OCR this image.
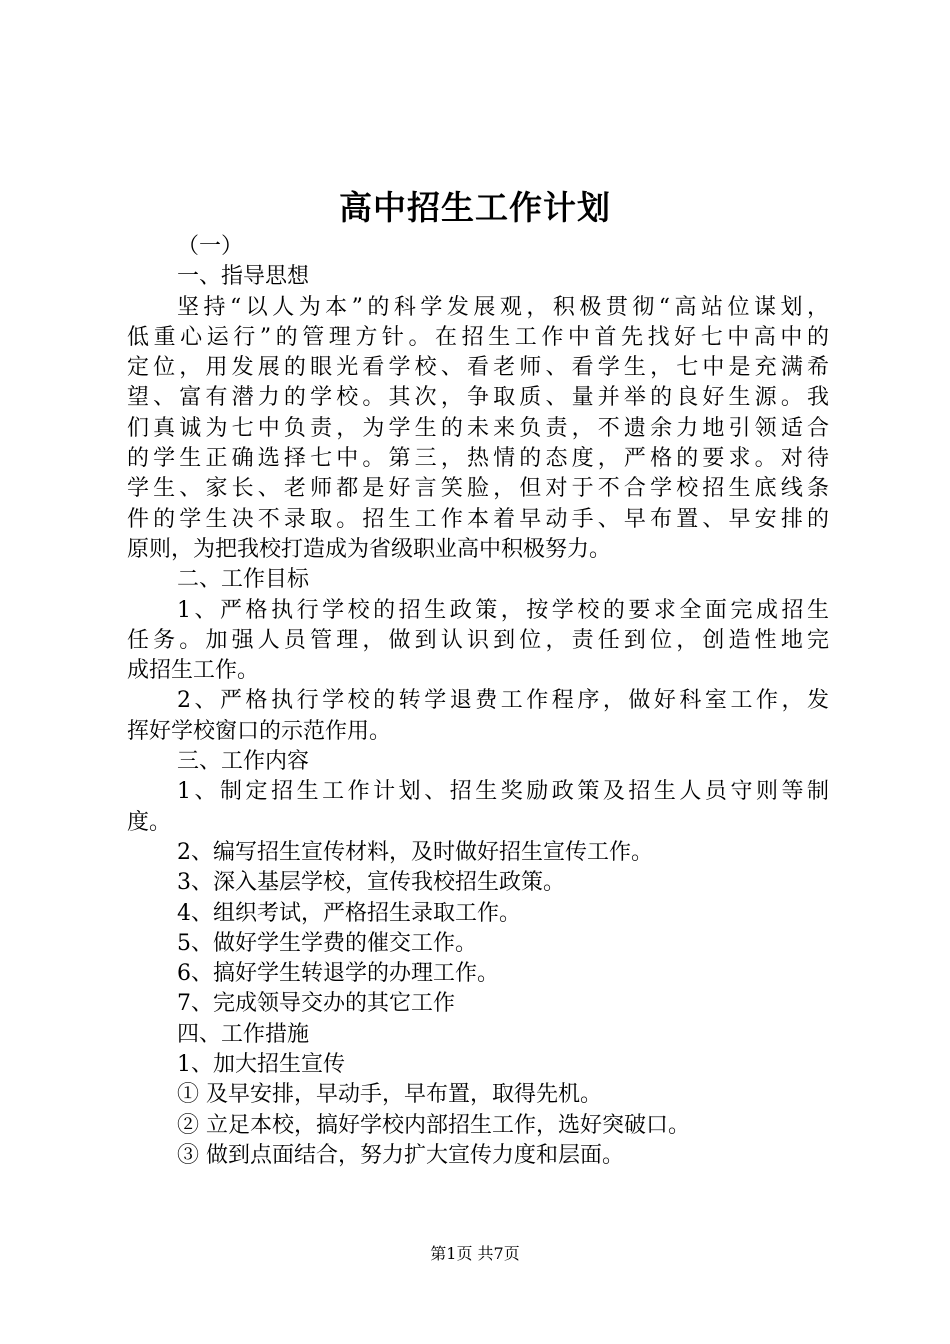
高中招生工作计划
（一）
一、指导思想
坚持“以人为本”的科学发展观，积极贯彻“高站位谋划，
低重心运行”的管理方针。在招生工作中首先找好七中高中的
定位，用发展的眼光看学校、看老师、看学生，七中是充满希
望、富有潜力的学校。其次，争取质、量并举的良好生源。我
们真诚为七中负责，为学生的未来负责，不遗余力地引领适合
的学生正确选择七中。第三，热情的态度，严格的要求。对待
学生、家长、老师都是好言笑脸，但对于不合学校招生底线条
件的学生决不录取。招生工作本着早动手、早布置、早安排的
原则，为把我校打造成为省级职业高中积极努力。
二、工作目标
1、严格执行学校的招生政策，按学校的要求全面完成招生
任务。加强人员管理，做到认识到位，责任到位，创造性地完
成招生工作。
2、严格执行学校的转学退费工作程序，做好科室工作，发
挥好学校窗口的示范作用。
三、工作内容
1、制定招生工作计划、招生奖励政策及招生人员守则等制
度。
2、编写招生宣传材料，及时做好招生宣传工作。
3、深入基层学校，宣传我校招生政策。
4、组织考试，严格招生录取工作。
5、做好学生学费的催交工作。
6、搞好学生转退学的办理工作。
7、完成领导交办的其它工作
四、工作措施
1、加大招生宣传
① 及早安排，早动手，早布置，取得先机。
② 立足本校，搞好学校内部招生工作，选好突破口。
③ 做到点面结合，努力扩大宣传力度和层面。
第1页 共7页
